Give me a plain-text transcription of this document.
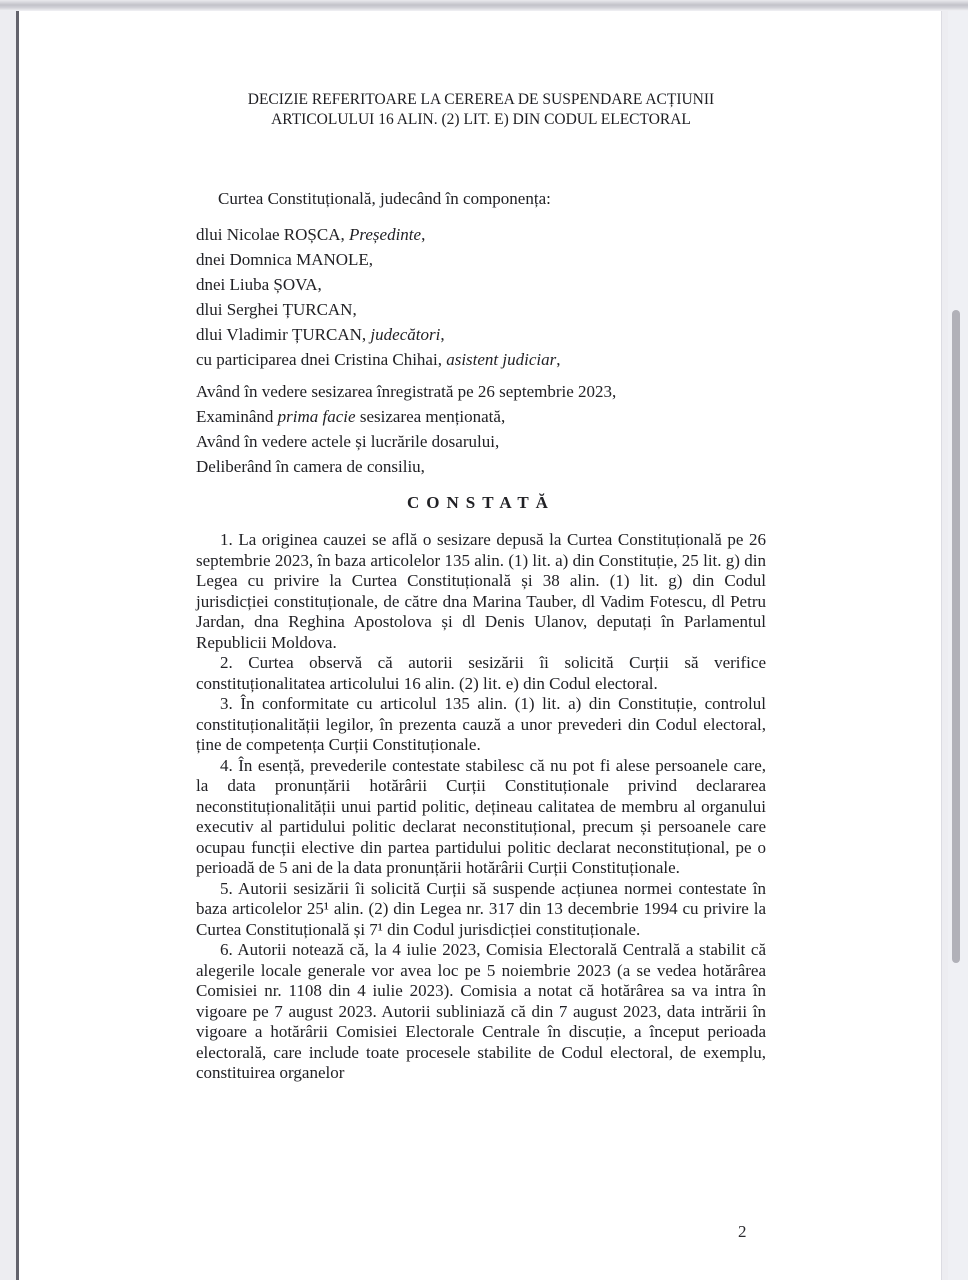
DECIZIE REFERITOARE LA CEREREA DE SUSPENDARE ACȚIUNII
ARTICOLULUI 16 ALIN. (2) LIT. E) DIN CODUL ELECTORAL
Curtea Constituțională, judecând în componența:
dlui Nicolae ROȘCA, Președinte,
dnei Domnica MANOLE,
dnei Liuba ȘOVA,
dlui Serghei ȚURCAN,
dlui Vladimir ȚURCAN, judecători,
cu participarea dnei Cristina Chihai, asistent judiciar,
Având în vedere sesizarea înregistrată pe 26 septembrie 2023,
Examinând prima facie sesizarea menționată,
Având în vedere actele și lucrările dosarului,
Deliberând în camera de consiliu,
CONSTATĂ

1. La originea cauzei se află o sesizare depusă la Curtea Constituțională pe 26 septembrie 2023, în baza articolelor 135 alin. (1) lit. a) din Constituție, 25 lit. g) din Legea cu privire la Curtea Constituțională și 38 alin. (1) lit. g) din Codul jurisdicției constituționale, de către dna Marina Tauber, dl Vadim Fotescu, dl Petru Jardan, dna Reghina Apostolova și dl Denis Ulanov, deputați în Parlamentul Republicii Moldova.

2. Curtea observă că autorii sesizării îi solicită Curții să verifice constituționalitatea articolului 16 alin. (2) lit. e) din Codul electoral.

3. În conformitate cu articolul 135 alin. (1) lit. a) din Constituție, controlul constituționalității legilor, în prezenta cauză a unor prevederi din Codul electoral, ține de competența Curții Constituționale.

4. În esență, prevederile contestate stabilesc că nu pot fi alese persoanele care, la data pronunțării hotărârii Curții Constituționale privind declararea neconstituționalității unui partid politic, dețineau calitatea de membru al organului executiv al partidului politic declarat neconstituțional, precum și persoanele care ocupau funcții elective din partea partidului politic declarat neconstituțional, pe o perioadă de 5 ani de la data pronunțării hotărârii Curții Constituționale.

5. Autorii sesizării îi solicită Curții să suspende acțiunea normei contestate în baza articolelor 25¹ alin. (2) din Legea nr. 317 din 13 decembrie 1994 cu privire la Curtea Constituțională și 7¹ din Codul jurisdicției constituționale.

6. Autorii notează că, la 4 iulie 2023, Comisia Electorală Centrală a stabilit că alegerile locale generale vor avea loc pe 5 noiembrie 2023 (a se vedea hotărârea Comisiei nr. 1108 din 4 iulie 2023). Comisia a notat că hotărârea sa va intra în vigoare pe 7 august 2023. Autorii subliniază că din 7 august 2023, data intrării în vigoare a hotărârii Comisiei Electorale Centrale în discuție, a început perioada electorală, care include toate procesele stabilite de Codul electoral, de exemplu, constituirea organelor

2
